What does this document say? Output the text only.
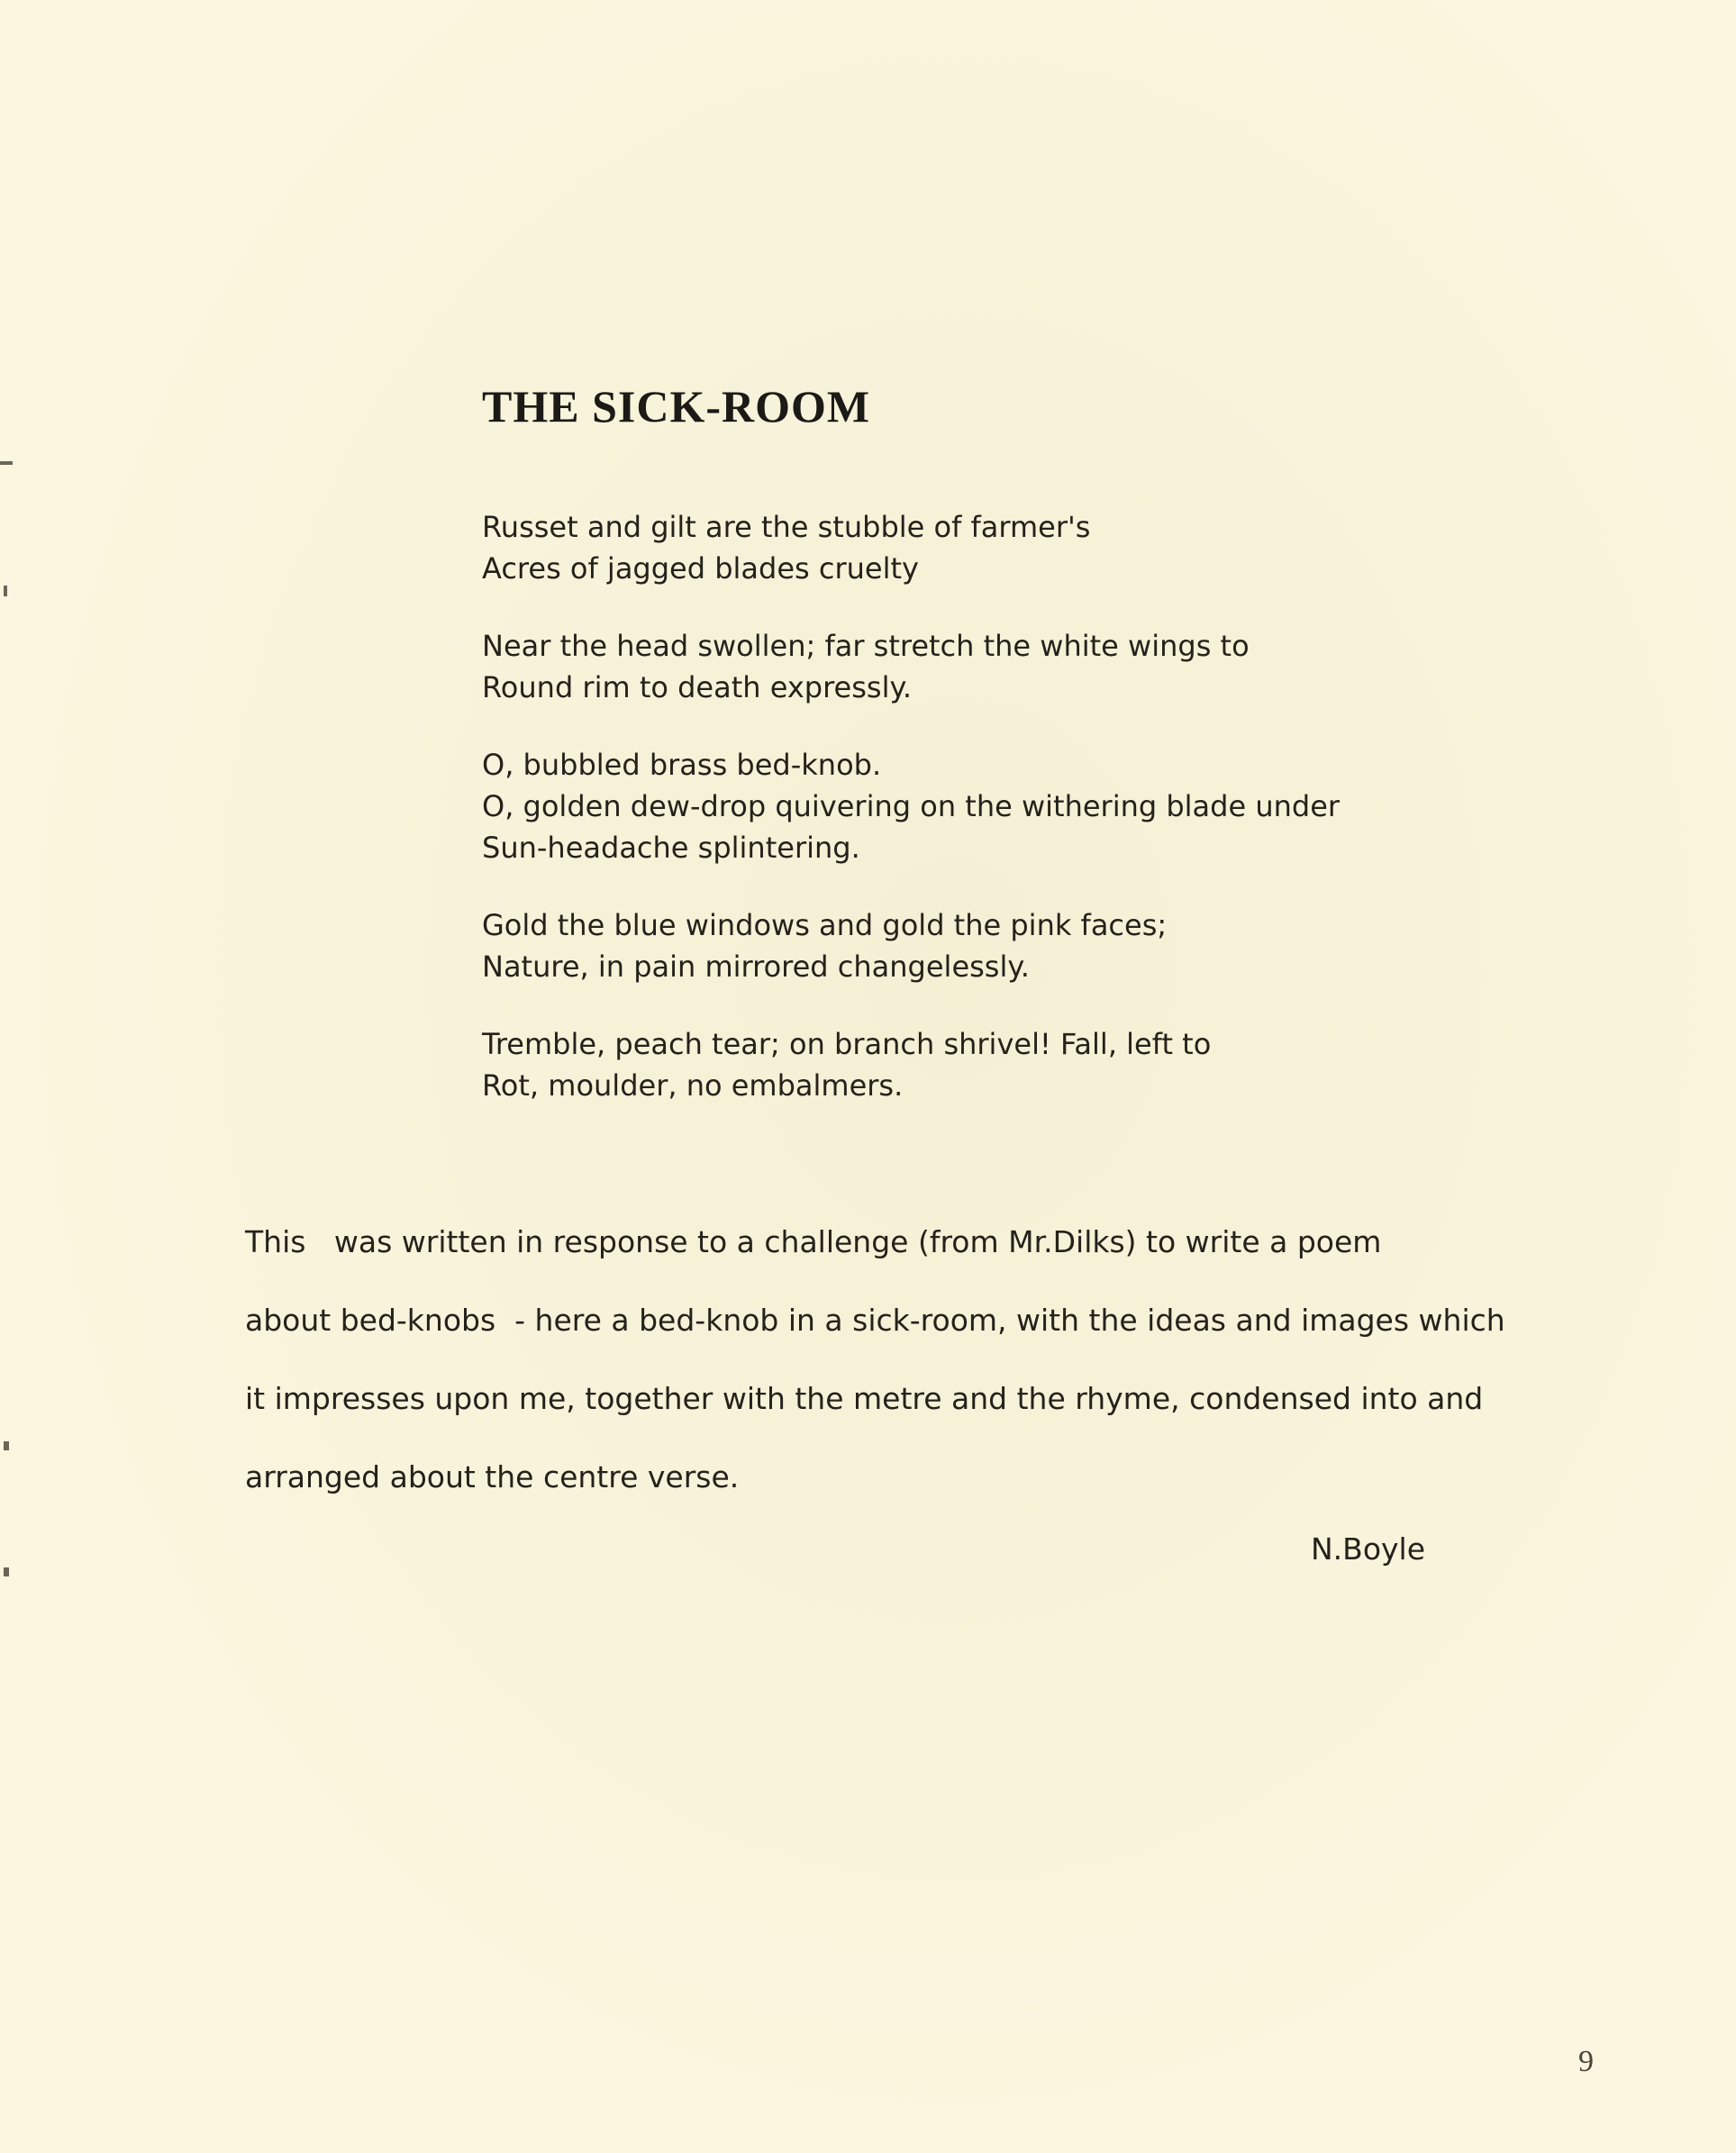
THE SICK-ROOM
Russet and gilt are the stubble of farmer's
Acres of jagged blades cruelty
Near the head swollen; far stretch the white wings to
Round rim to death expressly.
O, bubbled brass bed-knob.
O, golden dew-drop quivering on the withering blade under
Sun-headache splintering.
Gold the blue windows and gold the pink faces;
Nature, in pain mirrored changelessly.
Tremble, peach tear; on branch shrivel! Fall, left to
Rot, moulder, no embalmers.
This   was written in response to a challenge (from Mr.Dilks) to write a poem
about bed-knobs  - here a bed-knob in a sick-room, with the ideas and images which
it impresses upon me, together with the metre and the rhyme, condensed into and
arranged about the centre verse.
N.Boyle
9
